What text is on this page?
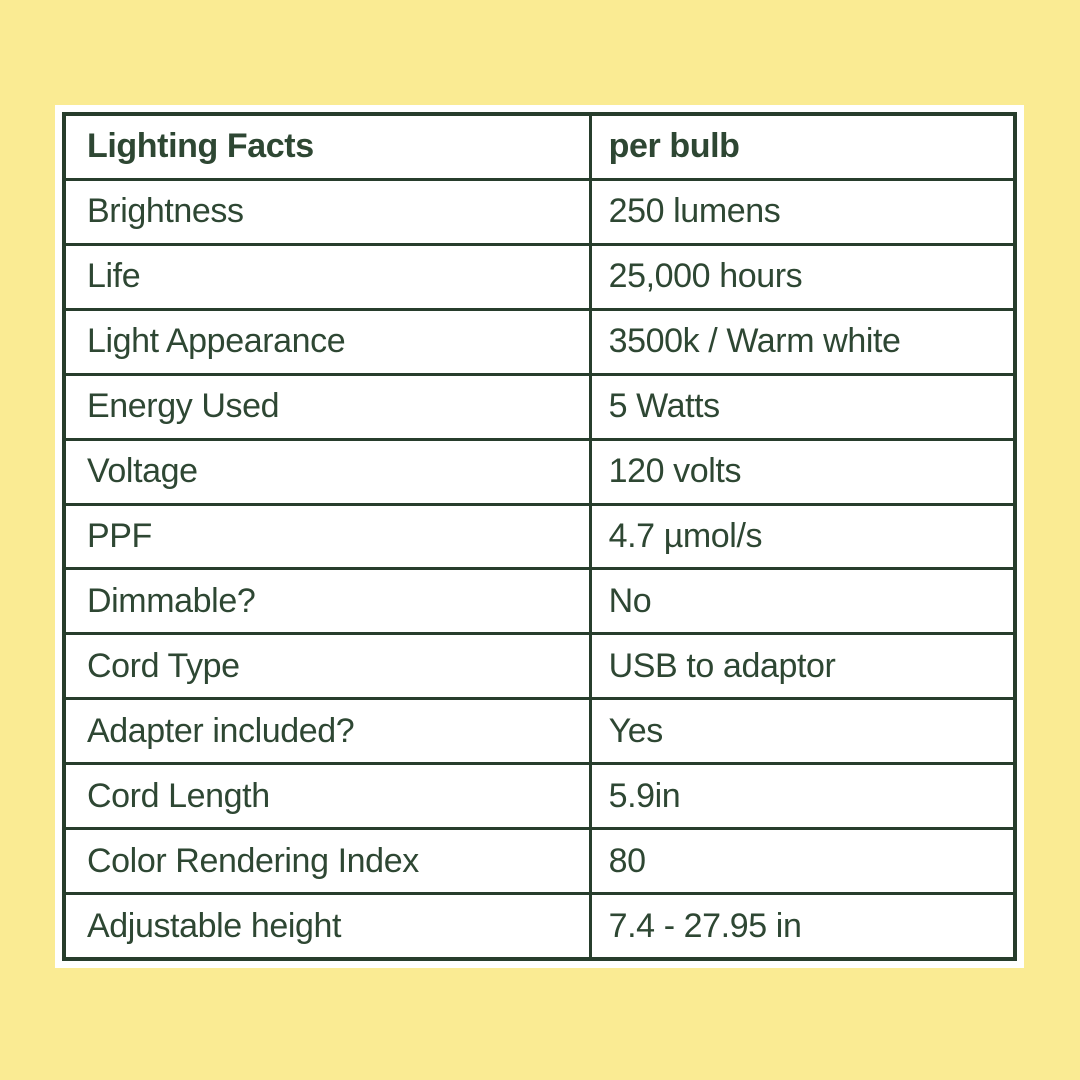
Lighting Facts	per bulb
Brightness	250 lumens
Life	25,000 hours
Light Appearance	3500k / Warm white
Energy Used	5 Watts
Voltage	120 volts
PPF	4.7 µmol/s
Dimmable?	No
Cord Type	USB to adaptor
Adapter included?	Yes
Cord Length	5.9in
Color Rendering Index	80
Adjustable height	7.4 - 27.95 in
